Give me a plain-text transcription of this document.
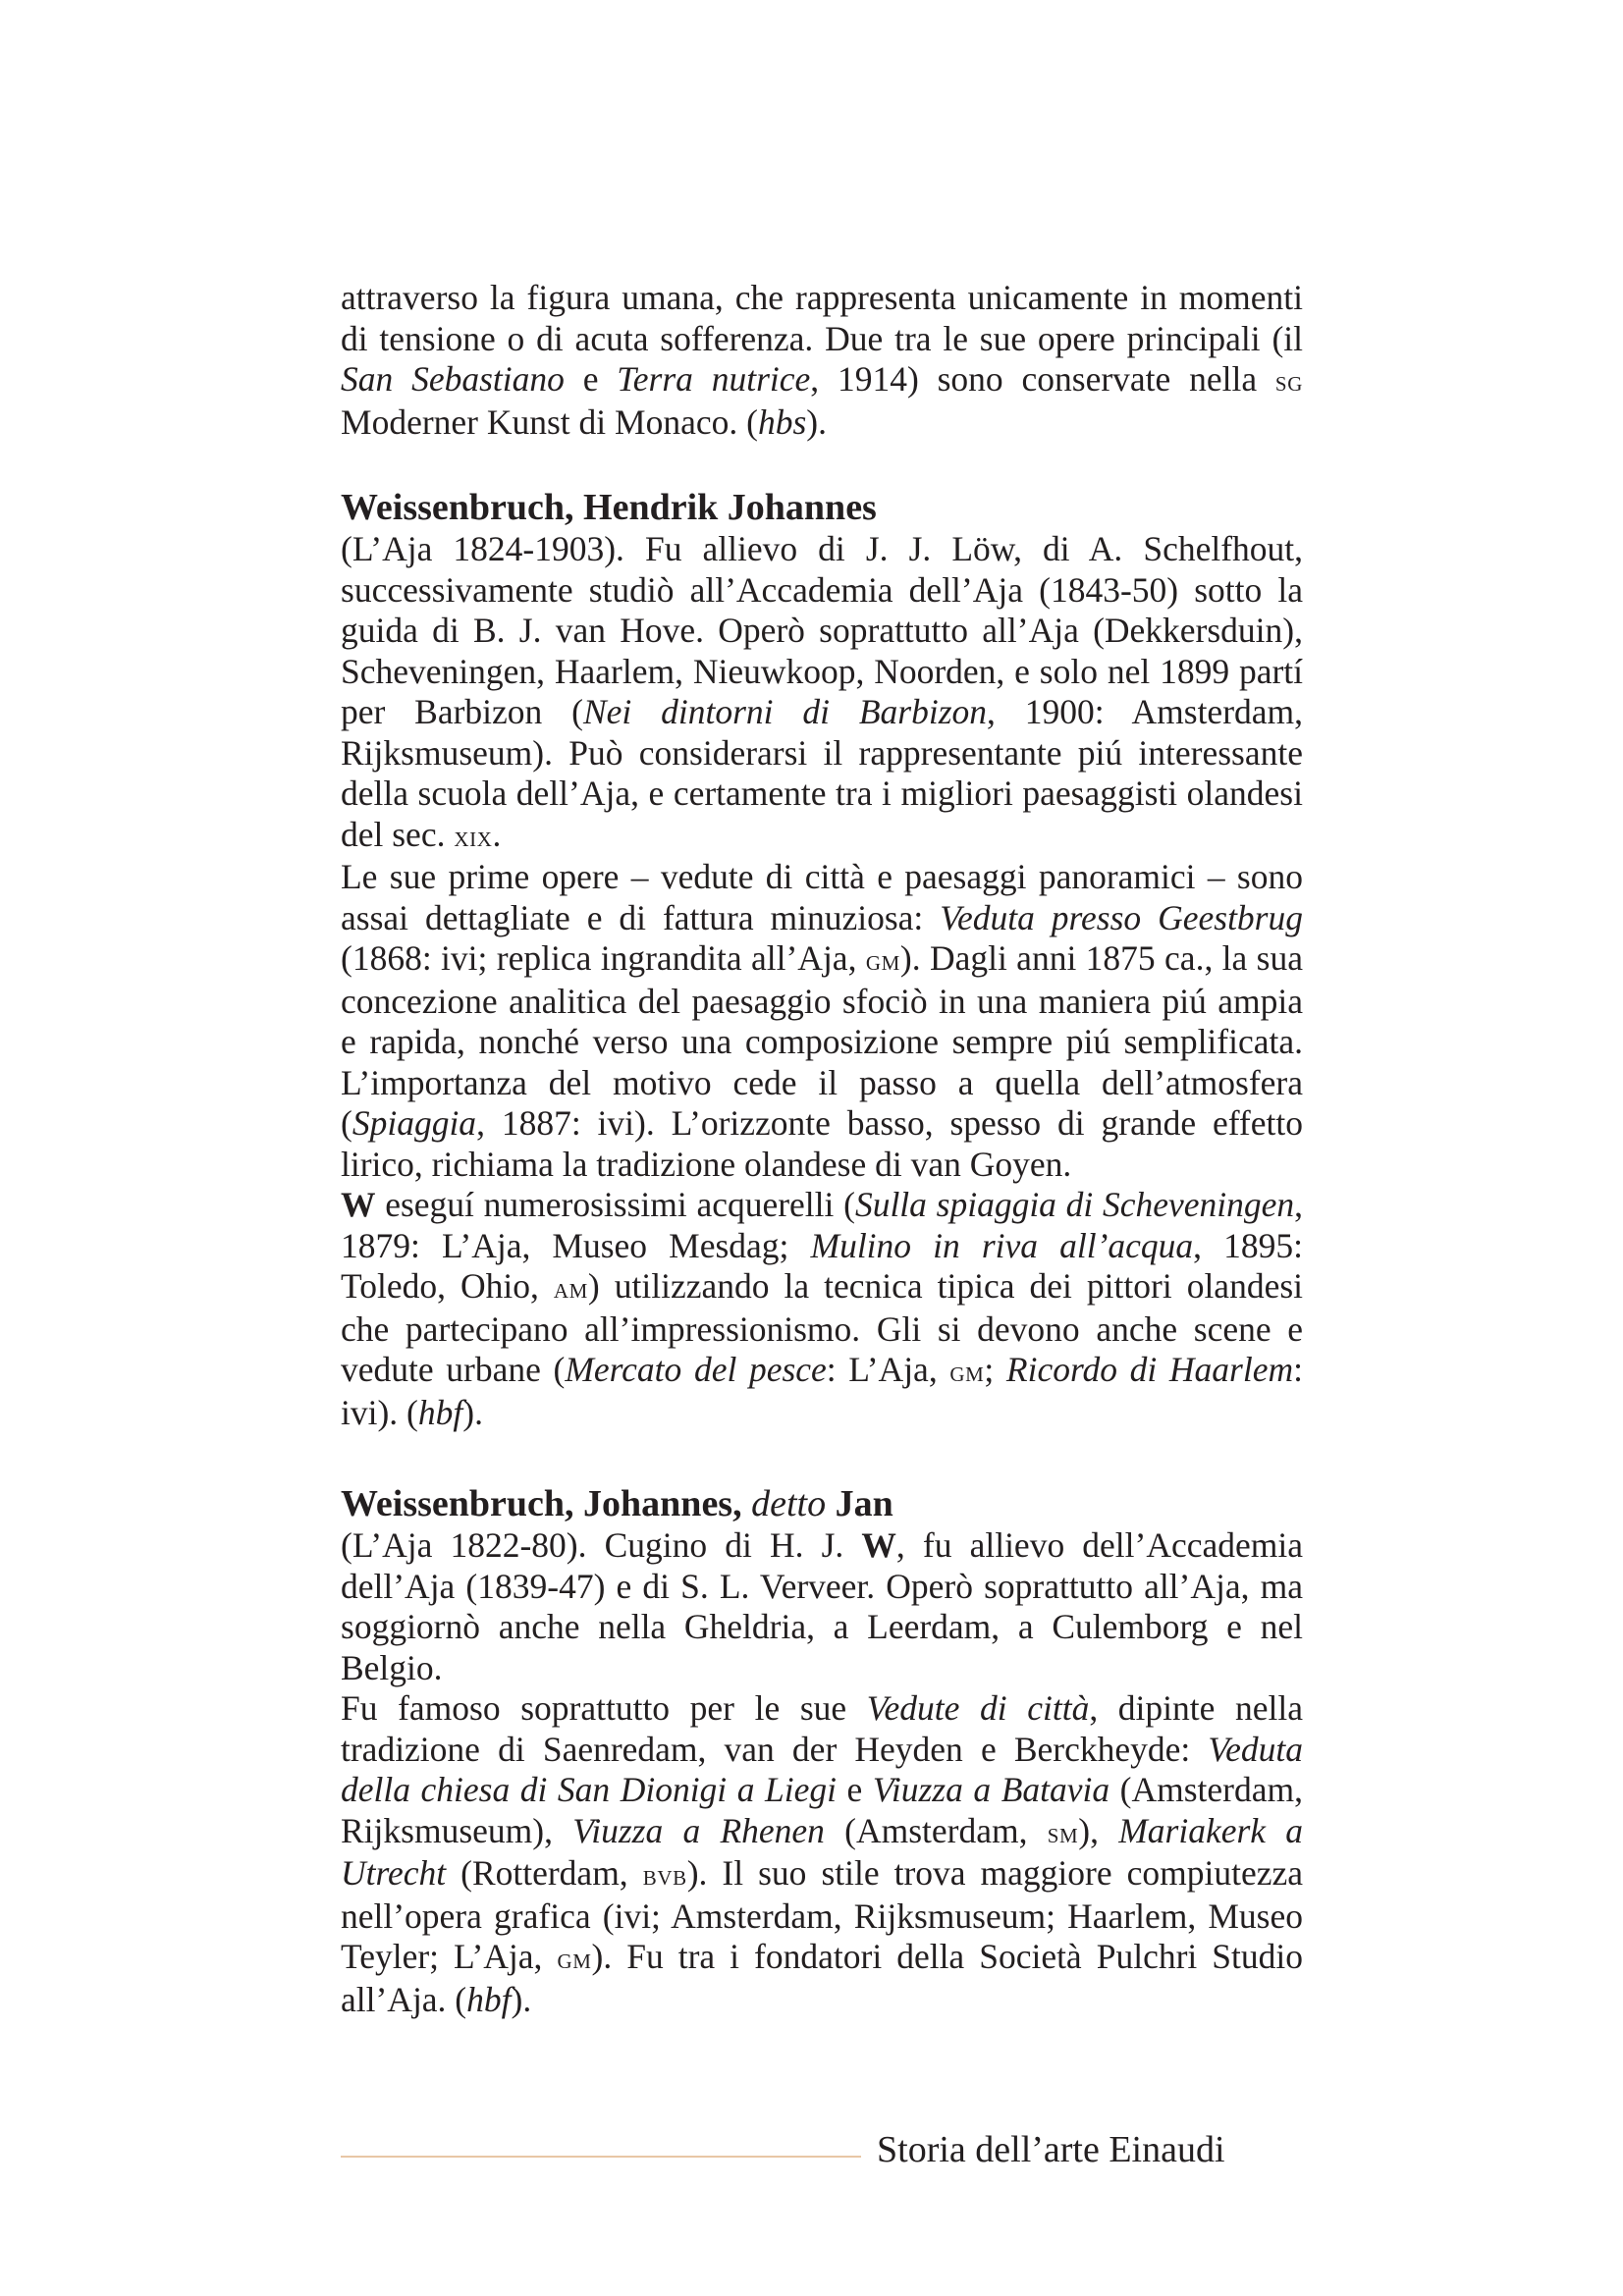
attraverso la figura umana, che rappresenta unicamente in momenti di tensione o di acuta sofferenza. Due tra le sue opere principali (il San Sebastiano e Terra nutrice, 1914) sono conservate nella sg Moderner Kunst di Monaco. (hbs).

Weissenbruch, Hendrik Johannes

(L’Aja 1824-1903). Fu allievo di J. J. Löw, di A. Schelfhout, successivamente studiò all’Accademia dell’Aja (1843-50) sotto la guida di B. J. van Hove. Operò soprattutto all’Aja (Dekkersduin), Scheveningen, Haarlem, Nieuwkoop, Noorden, e solo nel 1899 partí per Barbizon (Nei dintorni di Barbizon, 1900: Amsterdam, Rijksmuseum). Può considerarsi il rappresentante piú interessante della scuola dell’Aja, e certamente tra i migliori paesaggisti olandesi del sec. xix.

Le sue prime opere – vedute di città e paesaggi panoramici – sono assai dettagliate e di fattura minuziosa: Veduta presso Geestbrug (1868: ivi; replica ingrandita all’Aja, gm). Dagli anni 1875 ca., la sua concezione analitica del paesaggio sfociò in una maniera piú ampia e rapida, nonché verso una composizione sempre piú semplificata. L’importanza del motivo cede il passo a quella dell’atmosfera (Spiaggia, 1887: ivi). L’orizzonte basso, spesso di grande effetto lirico, richiama la tradizione olandese di van Goyen.

W eseguí numerosissimi acquerelli (Sulla spiaggia di Scheveningen, 1879: L’Aja, Museo Mesdag; Mulino in riva all’acqua, 1895: Toledo, Ohio, am) utilizzando la tecnica tipica dei pittori olandesi che partecipano all’impressionismo. Gli si devono anche scene e vedute urbane (Mercato del pesce: L’Aja, gm; Ricordo di Haarlem: ivi). (hbf).

Weissenbruch, Johannes, detto Jan

(L’Aja 1822-80). Cugino di H. J. W, fu allievo dell’Accademia dell’Aja (1839-47) e di S. L. Verveer. Operò soprattutto all’Aja, ma soggiornò anche nella Gheldria, a Leerdam, a Culemborg e nel Belgio.

Fu famoso soprattutto per le sue Vedute di città, dipinte nella tradizione di Saenredam, van der Heyden e Berckheyde: Veduta della chiesa di San Dionigi a Liegi e Viuzza a Batavia (Amsterdam, Rijksmuseum), Viuzza a Rhenen (Amsterdam, sm), Mariakerk a Utrecht (Rotterdam, bvb). Il suo stile trova maggiore compiutezza nell’opera grafica (ivi; Amsterdam, Rijksmuseum; Haarlem, Museo Teyler; L’Aja, gm). Fu tra i fondatori della Società Pulchri Studio all’Aja. (hbf).

Storia dell’arte Einaudi
